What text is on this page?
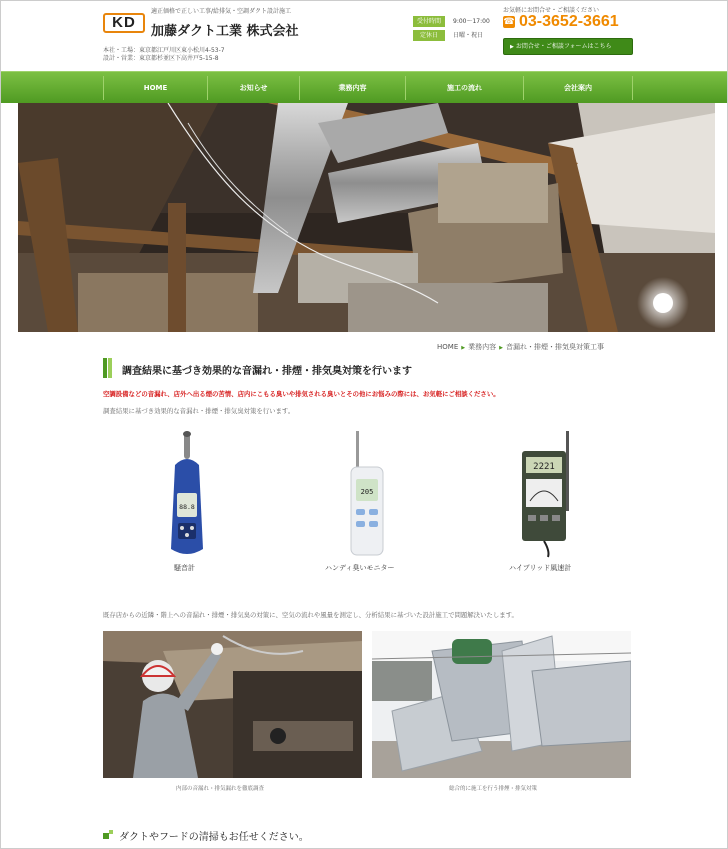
適正価格で正しい工事/給排気・空調ダクト設計施工
KD
加藤ダクト工業 株式会社
本社・工場：東京都江戸川区東小松川4-53-7
設計・営業：東京都杉並区下高井戸5-15-8
受付時間	9:00～17:00
定休日	日曜・祝日
お気軽にお問合せ・ご相談ください
☎ 03-3652-3661
▶ お問合せ・ご相談フォームはこちら
HOME	お知らせ	業務内容	施工の流れ	会社案内
HOME ▶ 業務内容 ▶ 音漏れ・排煙・排気臭対策工事
調査結果に基づき効果的な音漏れ・排煙・排気臭対策を行います
空調設備などの音漏れ、店外へ出る煙の苦情、店内にこもる臭いや排気される臭いとその他にお悩みの際には、お気軽にご相談ください。
調査結果に基づき効果的な音漏れ・排煙・排気臭対策を行います。
88.8
騒音計
205
ハンディ臭いモニター
2221
ハイブリッド風速計
既存店からの近隣・階上への音漏れ・排煙・排気臭の対策に、空気の流れや風量を測定し、分析結果に基づいた設計施工で問題解決いたします。
内部の音漏れ・排気漏れを徹底調査	総合的に施工を行う排煙・排気対策
ダクトやフードの清掃もお任せください。
